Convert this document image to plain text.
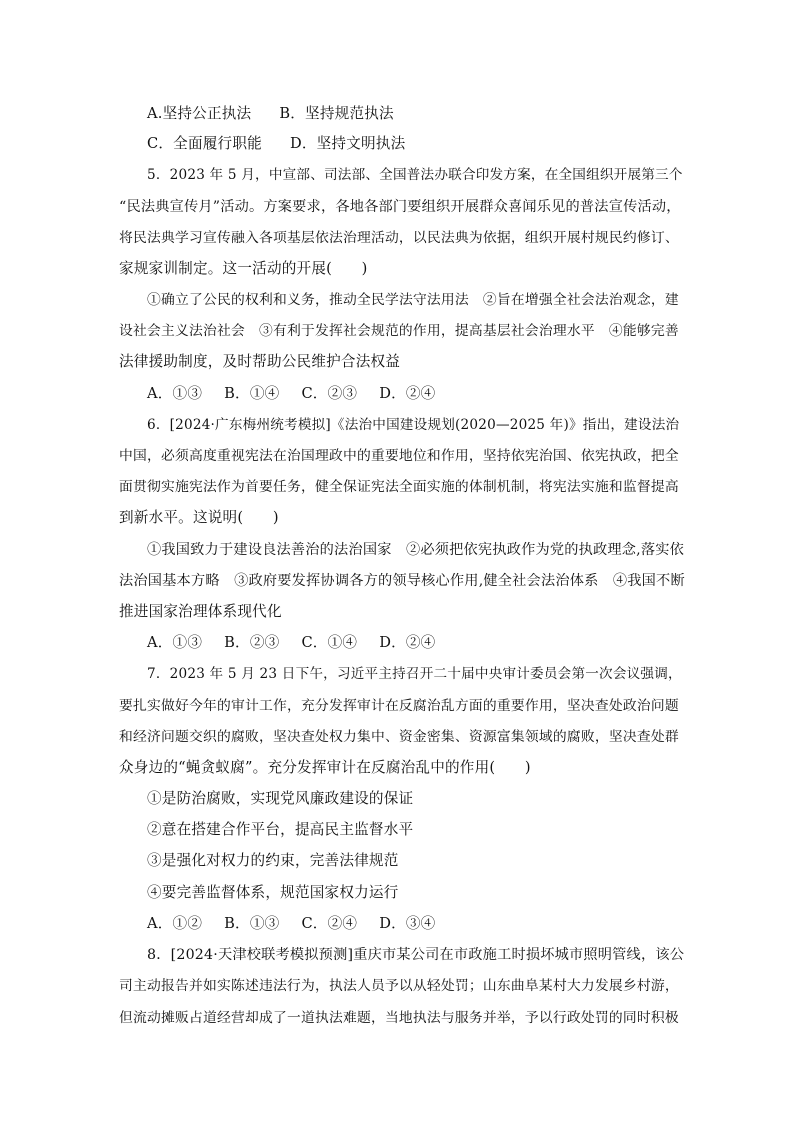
A.坚持公正执法 B．坚持规范执法
C．全面履行职能 D．坚持文明执法
5．2023 年 5 月，中宣部、司法部、全国普法办联合印发方案，在全国组织开展第三个
“民法典宣传月”活动。方案要求，各地各部门要组织开展群众喜闻乐见的普法宣传活动，
将民法典学习宣传融入各项基层依法治理活动，以民法典为依据，组织开展村规民约修订、
家规家训制定。这一活动的开展(　　)
①确立了公民的权利和义务，推动全民学法守法用法　②旨在增强全社会法治观念，建
设社会主义法治社会　③有利于发挥社会规范的作用，提高基层社会治理水平　④能够完善
法律援助制度，及时帮助公民维护合法权益
A．①③ B．①④ C．②③ D．②④
6．[2024·广东梅州统考模拟]《法治中国建设规划(2020—2025 年)》指出，建设法治
中国，必须高度重视宪法在治国理政中的重要地位和作用，坚持依宪治国、依宪执政，把全
面贯彻实施宪法作为首要任务，健全保证宪法全面实施的体制机制，将宪法实施和监督提高
到新水平。这说明(　　)
①我国致力于建设良法善治的法治国家　②必须把依宪执政作为党的执政理念,落实依
法治国基本方略　③政府要发挥协调各方的领导核心作用,健全社会法治体系　④我国不断
推进国家治理体系现代化
A．①③ B．②③ C．①④ D．②④
7．2023 年 5 月 23 日下午，习近平主持召开二十届中央审计委员会第一次会议强调，
要扎实做好今年的审计工作，充分发挥审计在反腐治乱方面的重要作用，坚决查处政治问题
和经济问题交织的腐败，坚决查处权力集中、资金密集、资源富集领域的腐败，坚决查处群
众身边的“蝇贪蚁腐”。充分发挥审计在反腐治乱中的作用(　　)
①是防治腐败，实现党风廉政建设的保证
②意在搭建合作平台，提高民主监督水平
③是强化对权力的约束，完善法律规范
④要完善监督体系，规范国家权力运行
A．①② B．①③ C．②④ D．③④
8．[2024·天津校联考模拟预测]重庆市某公司在市政施工时损坏城市照明管线，该公
司主动报告并如实陈述违法行为，执法人员予以从轻处罚；山东曲阜某村大力发展乡村游，
但流动摊贩占道经营却成了一道执法难题，当地执法与服务并举，予以行政处罚的同时积极
